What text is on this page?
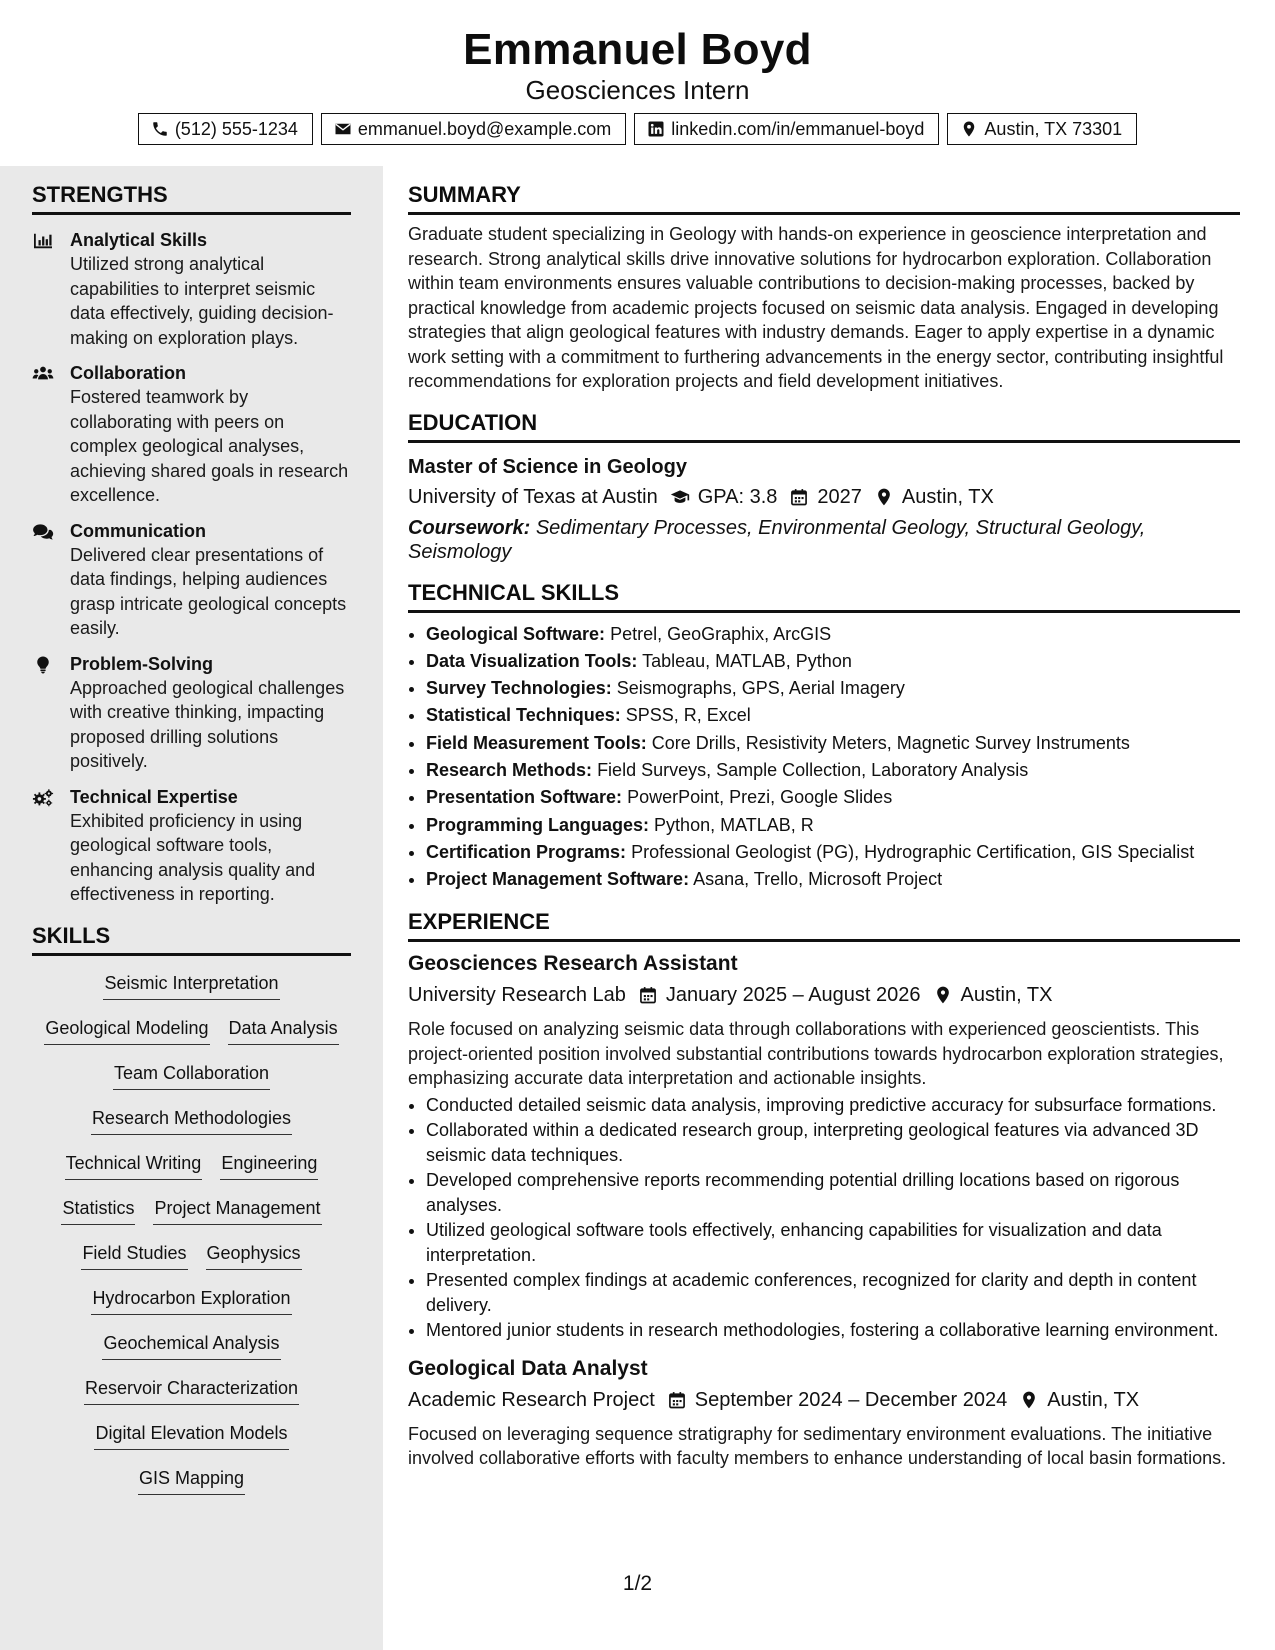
Emmanuel Boyd
Geosciences Intern
(512) 555-1234	emmanuel.boyd@example.com	linkedin.com/in/emmanuel-boyd	Austin, TX 73301
STRENGTHS
Analytical Skills
Utilized strong analytical capabilities to interpret seismic data effectively, guiding decision-making on exploration plays.
Collaboration
Fostered teamwork by collaborating with peers on complex geological analyses, achieving shared goals in research excellence.
Communication
Delivered clear presentations of data findings, helping audiences grasp intricate geological concepts easily.
Problem-Solving
Approached geological challenges with creative thinking, impacting proposed drilling solutions positively.
Technical Expertise
Exhibited proficiency in using geological software tools, enhancing analysis quality and effectiveness in reporting.
SKILLS
Seismic Interpretation
Geological Modeling Data Analysis
Team Collaboration
Research Methodologies
Technical Writing Engineering
Statistics Project Management
Field Studies Geophysics
Hydrocarbon Exploration
Geochemical Analysis
Reservoir Characterization
Digital Elevation Models
GIS Mapping
SUMMARY
Graduate student specializing in Geology with hands-on experience in geoscience interpretation and research. Strong analytical skills drive innovative solutions for hydrocarbon exploration. Collaboration within team environments ensures valuable contributions to decision-making processes, backed by practical knowledge from academic projects focused on seismic data analysis. Engaged in developing strategies that align geological features with industry demands. Eager to apply expertise in a dynamic work setting with a commitment to furthering advancements in the energy sector, contributing insightful recommendations for exploration projects and field development initiatives.
EDUCATION
Master of Science in Geology
University of Texas at Austin GPA: 3.8 2027 Austin, TX
Coursework: Sedimentary Processes, Environmental Geology, Structural Geology, Seismology
TECHNICAL SKILLS
• Geological Software: Petrel, GeoGraphix, ArcGIS
• Data Visualization Tools: Tableau, MATLAB, Python
• Survey Technologies: Seismographs, GPS, Aerial Imagery
• Statistical Techniques: SPSS, R, Excel
• Field Measurement Tools: Core Drills, Resistivity Meters, Magnetic Survey Instruments
• Research Methods: Field Surveys, Sample Collection, Laboratory Analysis
• Presentation Software: PowerPoint, Prezi, Google Slides
• Programming Languages: Python, MATLAB, R
• Certification Programs: Professional Geologist (PG), Hydrographic Certification, GIS Specialist
• Project Management Software: Asana, Trello, Microsoft Project
EXPERIENCE
Geosciences Research Assistant
University Research Lab January 2025 – August 2026 Austin, TX
Role focused on analyzing seismic data through collaborations with experienced geoscientists. This project-oriented position involved substantial contributions towards hydrocarbon exploration strategies, emphasizing accurate data interpretation and actionable insights.
• Conducted detailed seismic data analysis, improving predictive accuracy for subsurface formations.
• Collaborated within a dedicated research group, interpreting geological features via advanced 3D seismic data techniques.
• Developed comprehensive reports recommending potential drilling locations based on rigorous analyses.
• Utilized geological software tools effectively, enhancing capabilities for visualization and data interpretation.
• Presented complex findings at academic conferences, recognized for clarity and depth in content delivery.
• Mentored junior students in research methodologies, fostering a collaborative learning environment.
Geological Data Analyst
Academic Research Project September 2024 – December 2024 Austin, TX
Focused on leveraging sequence stratigraphy for sedimentary environment evaluations. The initiative involved collaborative efforts with faculty members to enhance understanding of local basin formations.
1/2
